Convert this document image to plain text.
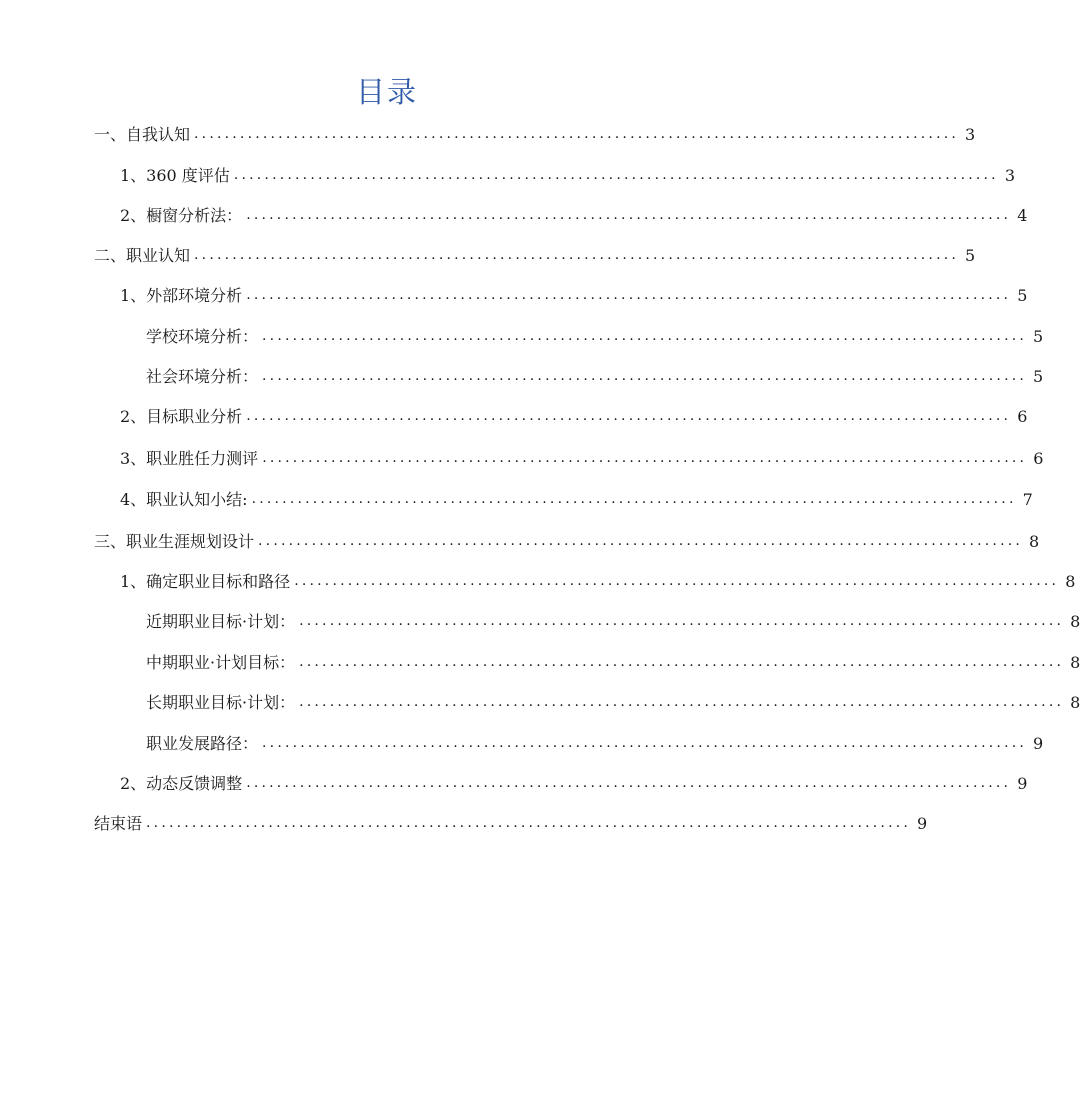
目录
一、自我认知 .................................................................................................... 3
1、360 度评估 .................................................................................................... 3
2、橱窗分析法： .................................................................................................... 4
二、职业认知 .................................................................................................... 5
1、外部环境分析 .................................................................................................... 5
学校环境分析： .................................................................................................... 5
社会环境分析： .................................................................................................... 5
2、目标职业分析 .................................................................................................... 6
3、职业胜任力测评 .................................................................................................... 6
4、职业认知小结: .................................................................................................... 7
三、职业生涯规划设计 .................................................................................................... 8
1、确定职业目标和路径 .................................................................................................... 8
近期职业目标·计划： .................................................................................................... 8
中期职业·计划目标： .................................................................................................... 8
长期职业目标·计划： .................................................................................................... 8
职业发展路径： .................................................................................................... 9
2、动态反馈调整 .................................................................................................... 9
结束语 .................................................................................................... 9
